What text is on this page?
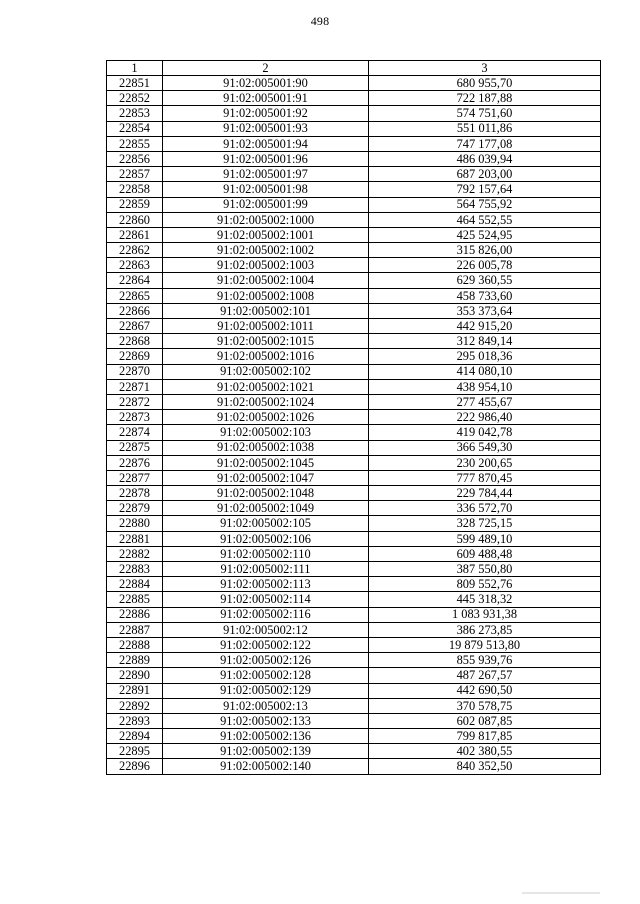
498
1	2	3
22851	91:02:005001:90	680 955,70
22852	91:02:005001:91	722 187,88
22853	91:02:005001:92	574 751,60
22854	91:02:005001:93	551 011,86
22855	91:02:005001:94	747 177,08
22856	91:02:005001:96	486 039,94
22857	91:02:005001:97	687 203,00
22858	91:02:005001:98	792 157,64
22859	91:02:005001:99	564 755,92
22860	91:02:005002:1000	464 552,55
22861	91:02:005002:1001	425 524,95
22862	91:02:005002:1002	315 826,00
22863	91:02:005002:1003	226 005,78
22864	91:02:005002:1004	629 360,55
22865	91:02:005002:1008	458 733,60
22866	91:02:005002:101	353 373,64
22867	91:02:005002:1011	442 915,20
22868	91:02:005002:1015	312 849,14
22869	91:02:005002:1016	295 018,36
22870	91:02:005002:102	414 080,10
22871	91:02:005002:1021	438 954,10
22872	91:02:005002:1024	277 455,67
22873	91:02:005002:1026	222 986,40
22874	91:02:005002:103	419 042,78
22875	91:02:005002:1038	366 549,30
22876	91:02:005002:1045	230 200,65
22877	91:02:005002:1047	777 870,45
22878	91:02:005002:1048	229 784,44
22879	91:02:005002:1049	336 572,70
22880	91:02:005002:105	328 725,15
22881	91:02:005002:106	599 489,10
22882	91:02:005002:110	609 488,48
22883	91:02:005002:111	387 550,80
22884	91:02:005002:113	809 552,76
22885	91:02:005002:114	445 318,32
22886	91:02:005002:116	1 083 931,38
22887	91:02:005002:12	386 273,85
22888	91:02:005002:122	19 879 513,80
22889	91:02:005002:126	855 939,76
22890	91:02:005002:128	487 267,57
22891	91:02:005002:129	442 690,50
22892	91:02:005002:13	370 578,75
22893	91:02:005002:133	602 087,85
22894	91:02:005002:136	799 817,85
22895	91:02:005002:139	402 380,55
22896	91:02:005002:140	840 352,50
